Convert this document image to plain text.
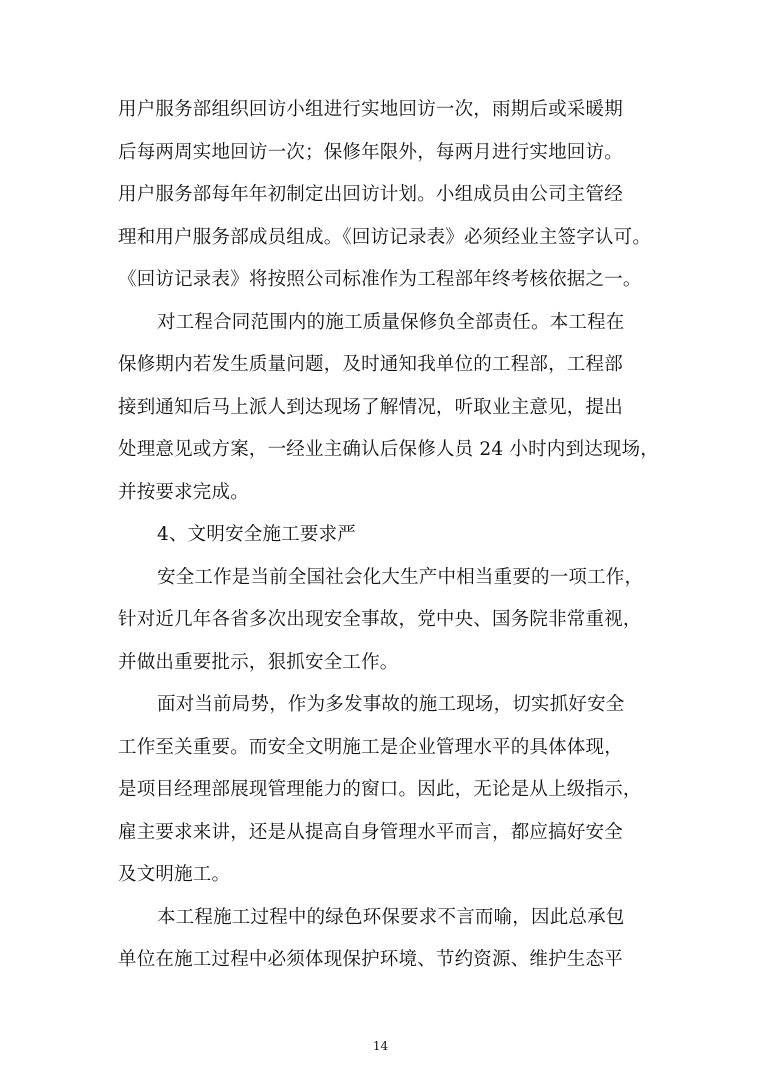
用户服务部组织回访小组进行实地回访一次，雨期后或采暖期
后每两周实地回访一次；保修年限外，每两月进行实地回访。
用户服务部每年年初制定出回访计划。小组成员由公司主管经
理和用户服务部成员组成。《回访记录表》必须经业主签字认可。
《回访记录表》将按照公司标准作为工程部年终考核依据之一。
对工程合同范围内的施工质量保修负全部责任。本工程在
保修期内若发生质量问题，及时通知我单位的工程部，工程部
接到通知后马上派人到达现场了解情况，听取业主意见，提出
处理意见或方案，一经业主确认后保修人员 24 小时内到达现场，
并按要求完成。
4、文明安全施工要求严
安全工作是当前全国社会化大生产中相当重要的一项工作，
针对近几年各省多次出现安全事故，党中央、国务院非常重视，
并做出重要批示，狠抓安全工作。
面对当前局势，作为多发事故的施工现场，切实抓好安全
工作至关重要。而安全文明施工是企业管理水平的具体体现，
是项目经理部展现管理能力的窗口。因此，无论是从上级指示，
雇主要求来讲，还是从提高自身管理水平而言，都应搞好安全
及文明施工。
本工程施工过程中的绿色环保要求不言而喻，因此总承包
单位在施工过程中必须体现保护环境、节约资源、维护生态平
14
